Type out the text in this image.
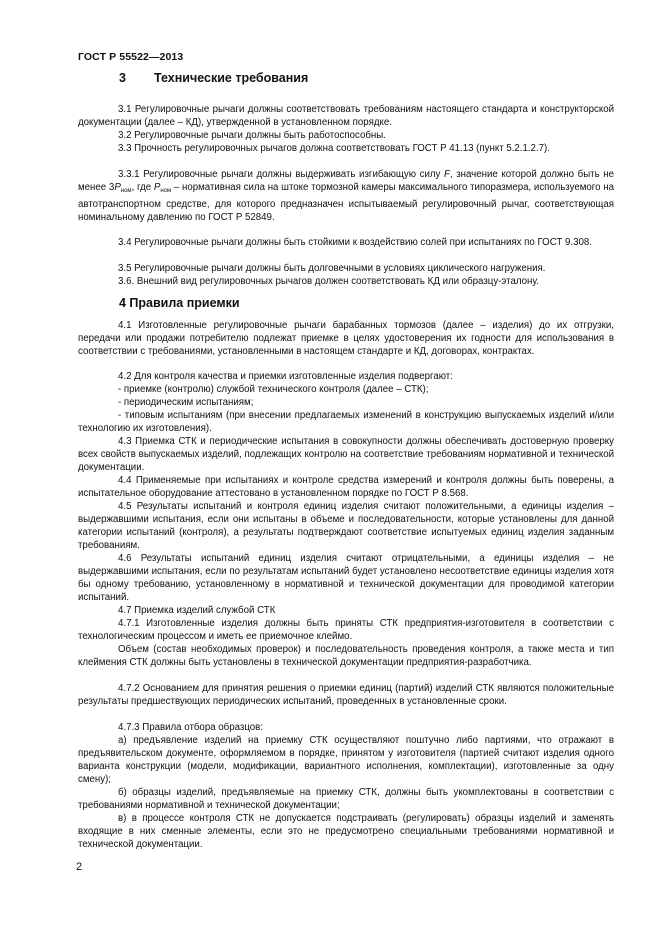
ГОСТ Р 55522—2013
3 Технические требования

3.1 Регулировочные рычаги должны соответствовать требованиям настоящего стандарта и конструкторской документации (далее – КД), утвержденной в установленном порядке.

3.2 Регулировочные рычаги должны быть работоспособны.

3.3 Прочность регулировочных рычагов должна соответствовать ГОСТ Р 41.13 (пункт 5.2.1.2.7).

3.3.1 Регулировочные рычаги должны выдерживать изгибающую силу F, значение которой должно быть не менее $3P_{ном}$, где $P_{ном}$ – нормативная сила на штоке тормозной камеры максимального типоразмера, используемого на автотранспортном средстве, для которого предназначен испытываемый регулировочный рычаг, соответствующая номинальному давлению по ГОСТ Р 52849.

3.4 Регулировочные рычаги должны быть стойкими к воздействию солей при испытаниях по ГОСТ 9.308.

3.5 Регулировочные рычаги должны быть долговечными в условиях циклического нагружения.

3.6. Внешний вид регулировочных рычагов должен соответствовать КД или образцу-эталону.

4 Правила приемки

4.1 Изготовленные регулировочные рычаги барабанных тормозов (далее – изделия) до их отгрузки, передачи или продажи потребителю подлежат приемке в целях удостоверения их годности для использования в соответствии с требованиями, установленными в настоящем стандарте и КД, договорах, контрактах.

4.2 Для контроля качества и приемки изготовленные изделия подвергают:

- приемке (контролю) службой технического контроля (далее – СТК);

- периодическим испытаниям;

- типовым испытаниям (при внесении предлагаемых изменений в конструкцию выпускаемых изделий и/или технологию их изготовления).

4.3 Приемка СТК и периодические испытания в совокупности должны обеспечивать достоверную проверку всех свойств выпускаемых изделий, подлежащих контролю на соответствие требованиям нормативной и технической документации.

4.4 Применяемые при испытаниях и контроле средства измерений и контроля должны быть поверены, а испытательное оборудование аттестовано в установленном порядке по ГОСТ Р 8.568.

4.5 Результаты испытаний и контроля единиц изделия считают положительными, а единицы изделия – выдержавшими испытания, если они испытаны в объеме и последовательности, которые установлены для данной категории испытаний (контроля), а результаты подтверждают соответствие испытуемых единиц изделия заданным требованиям.

4.6 Результаты испытаний единиц изделия считают отрицательными, а единицы изделия – не выдержавшими испытания, если по результатам испытаний будет установлено несоответствие единицы изделия хотя бы одному требованию, установленному в нормативной и технической документации для проводимой категории испытаний.

4.7 Приемка изделий службой СТК

4.7.1 Изготовленные изделия должны быть приняты СТК предприятия-изготовителя в соответствии с технологическим процессом и иметь ее приемочное клеймо.

Объем (состав необходимых проверок) и последовательность проведения контроля, а также места и тип клеймения СТК должны быть установлены в технической документации предприятия-разработчика.

4.7.2 Основанием для принятия решения о приемки единиц (партий) изделий СТК являются положительные результаты предшествующих периодических испытаний, проведенных в установленные сроки.

4.7.3 Правила отбора образцов:

а) предъявление изделий на приемку СТК осуществляют поштучно либо партиями, что отражают в предъявительском документе, оформляемом в порядке, принятом у изготовителя (партией считают изделия одного варианта конструкции (модели, модификации, вариантного исполнения, комплектации), изготовленные за одну смену);

б) образцы изделий, предъявляемые на приемку СТК, должны быть укомплектованы в соответствии с требованиями нормативной и технической документации;

в) в процессе контроля СТК не допускается подстраивать (регулировать) образцы изделий и заменять входящие в них сменные элементы, если это не предусмотрено специальными требованиями нормативной и технической документации.

2
